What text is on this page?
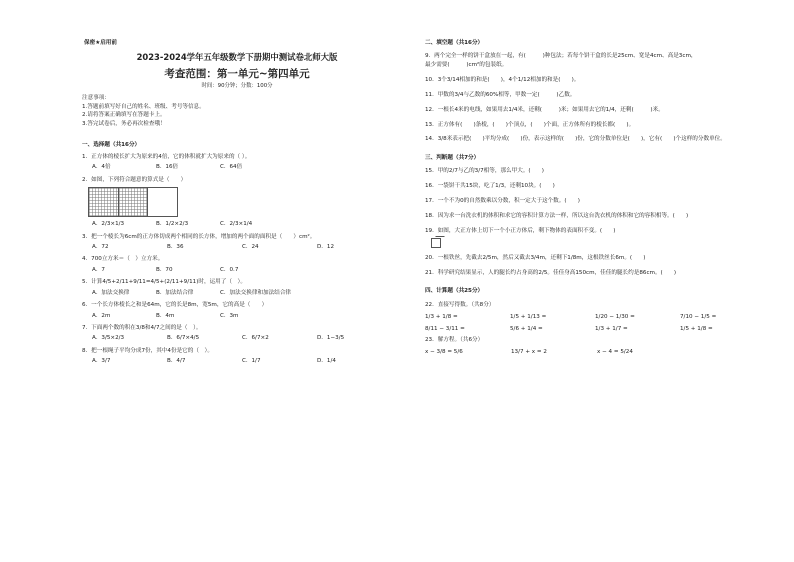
保密★启用前
2023-2024学年五年级数学下册期中测试卷北师大版
考查范围：第一单元~第四单元
时间：90分钟；分数：100分
注意事项：
1.答题前填写好自己的姓名、班级、考号等信息。
2.请将答案正确填写在答题卡上。
3.答完试卷后，务必再次检查哦！
一、选择题（共16分）
1．正方体的棱长扩大为原来的4倍，它的体积就扩大为原来的（ ）。
A．4倍	B．16倍	C．64倍
2．如图，下列符合题意的算式是（　　）
A．2/3×1/3	B．1/2×2/3	C．2/3×1/4
3．把一个棱长为6cm的正方体切成两个相同的长方体，增加的两个面的面积是（　　）cm²。
A．72	B．36	C．24	D．12
4．700立方米＝（　）立方米。
A．7	B．70	C．0.7
5．计算4/5+2/11+9/11=4/5+(2/11+9/11)时，运用了（　）。
A．加法交换律	B．加法结合律	C．加法交换律和加法结合律
6．一个长方体棱长之和是64m，它的长是8m，宽5m，它的高是（　　）
A．2m	B．4m	C．3m
7．下面两个数的积在3/8和4/7之间的是（　）。
A．3/5×2/3	B．6/7×4/5	C．6/7×2	D．1−3/5
8．把一根绳子平均分成7份，其中4份是它的（　）。
A．3/7	B．4/7	C．1/7	D．1/4
二、填空题（共16分）
9．两个完全一样的饼干盒放在一起，有(　　　)种包法；若每个饼干盒的长是25cm、宽是4cm、高是3cm，
最少需要(　　　)cm²的包装纸。
10．3个3/14相加的和是(　　)，4个1/12相加的和是(　　)。
11．甲数的3/4与乙数的60%相等，甲数一定(　　　)乙数。
12．一根长4米的电线，如果用去1/4米，还剩(　　　)米；如果用去它的1/4，还剩(　　　)米。
13．正方体有(　　)条棱，(　　)个顶点，(　　)个面，正方体所有的棱长都(　　)。
14．3/8米表示把(　　)平均分成(　　)份，表示这样的(　　)份，它的分数单位是(　　)，它有(　　)个这样的分数单位。
三、判断题（共7分）
15．甲的2/7与乙的3/7相等，那么甲大。(　　)
16．一袋饼干共15块，吃了1/3，还剩10块。(　　)
17．一个不为0的自然数乘以分数，积一定大于这个数。(　　)
18．因为求一台洗衣机的体积和求它的容积计算方法一样，所以这台洗衣机的体积和它的容积相等。(　　)
19．如图，大正方体上切下一个小正方体后，剩下物体的表面积不变。(　　)
20．一根铁丝，先截去2/5m，然后又截去3/4m，还剩下1/8m，这根铁丝长6m。(　　)
21．科学研究结果显示，人的腿长约占身高的2/5。佳佳身高150cm，佳佳的腿长约是86cm。(　　)
四、计算题（共25分）
22．直接写得数。（共8分）
1/3 + 1/8 =	1/5 + 1/13 =	1/20 − 1/30 =	7/10 − 1/5 =
8/11 − 3/11 =	5/6 + 1/4 =	1/3 + 1/7 =	1/5 + 1/8 =
23．解方程。（共6分）
x − 3/8 = 5/6	13/7 + x = 2	x − 4 = 5/24
